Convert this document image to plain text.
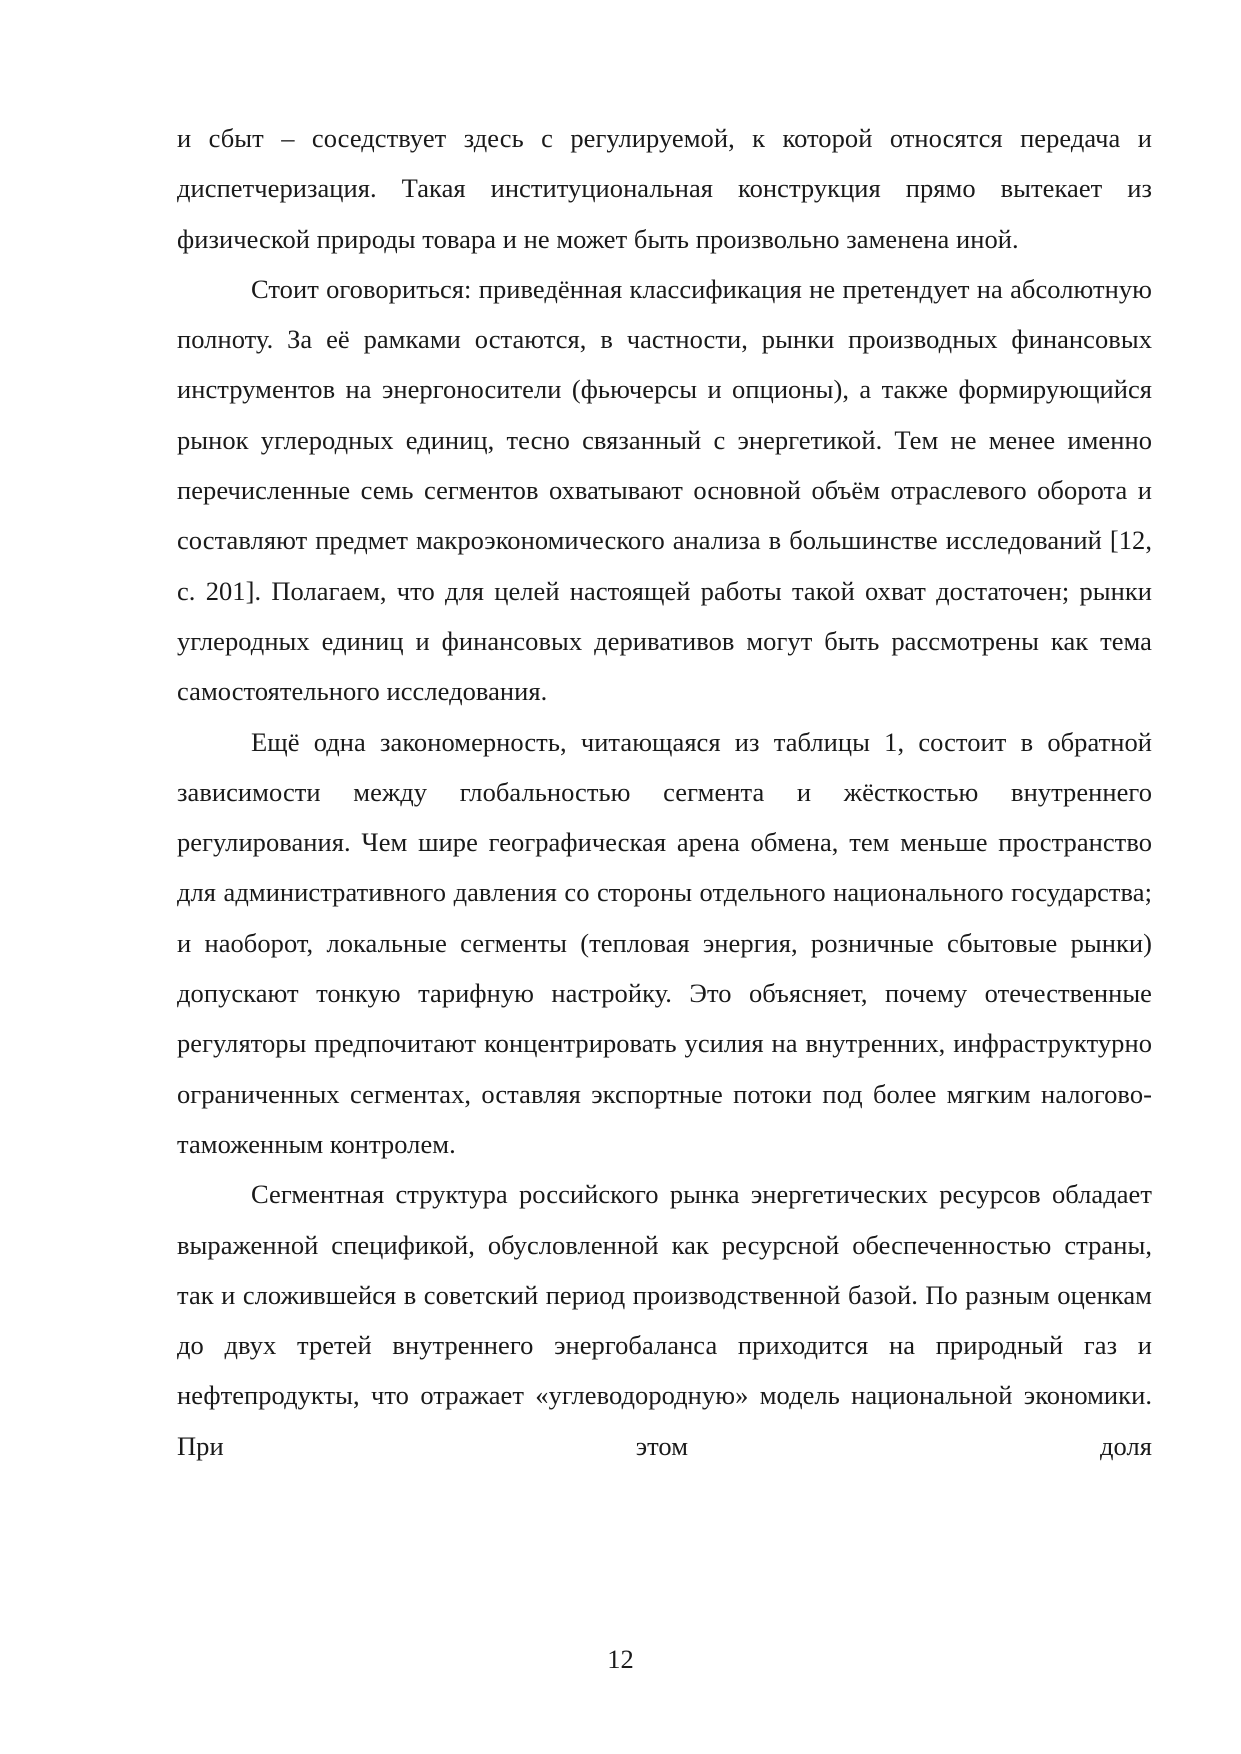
и сбыт – соседствует здесь с регулируемой, к которой относятся передача и диспетчеризация. Такая институциональная конструкция прямо вытекает из физической природы товара и не может быть произвольно заменена иной.

Стоит оговориться: приведённая классификация не претендует на абсолютную полноту. За её рамками остаются, в частности, рынки производных финансовых инструментов на энергоносители (фьючерсы и опционы), а также формирующийся рынок углеродных единиц, тесно связанный с энергетикой. Тем не менее именно перечисленные семь сегментов охватывают основной объём отраслевого оборота и составляют предмет макроэкономического анализа в большинстве исследований [12, с. 201]. Полагаем, что для целей настоящей работы такой охват достаточен; рынки углеродных единиц и финансовых деривативов могут быть рассмотрены как тема самостоятельного исследования.

Ещё одна закономерность, читающаяся из таблицы 1, состоит в обратной зависимости между глобальностью сегмента и жёсткостью внутреннего регулирования. Чем шире географическая арена обмена, тем меньше пространство для административного давления со стороны отдельного национального государства; и наоборот, локальные сегменты (тепловая энергия, розничные сбытовые рынки) допускают тонкую тарифную настройку. Это объясняет, почему отечественные регуляторы предпочитают концентрировать усилия на внутренних, инфраструктурно ограниченных сегментах, оставляя экспортные потоки под более мягким налогово-таможенным контролем.

Сегментная структура российского рынка энергетических ресурсов обладает выраженной спецификой, обусловленной как ресурсной обеспеченностью страны, так и сложившейся в советский период производственной базой. По разным оценкам до двух третей внутреннего энергобаланса приходится на природный газ и нефтепродукты, что отражает «углеводородную» модель национальной экономики. При этом доля

12
